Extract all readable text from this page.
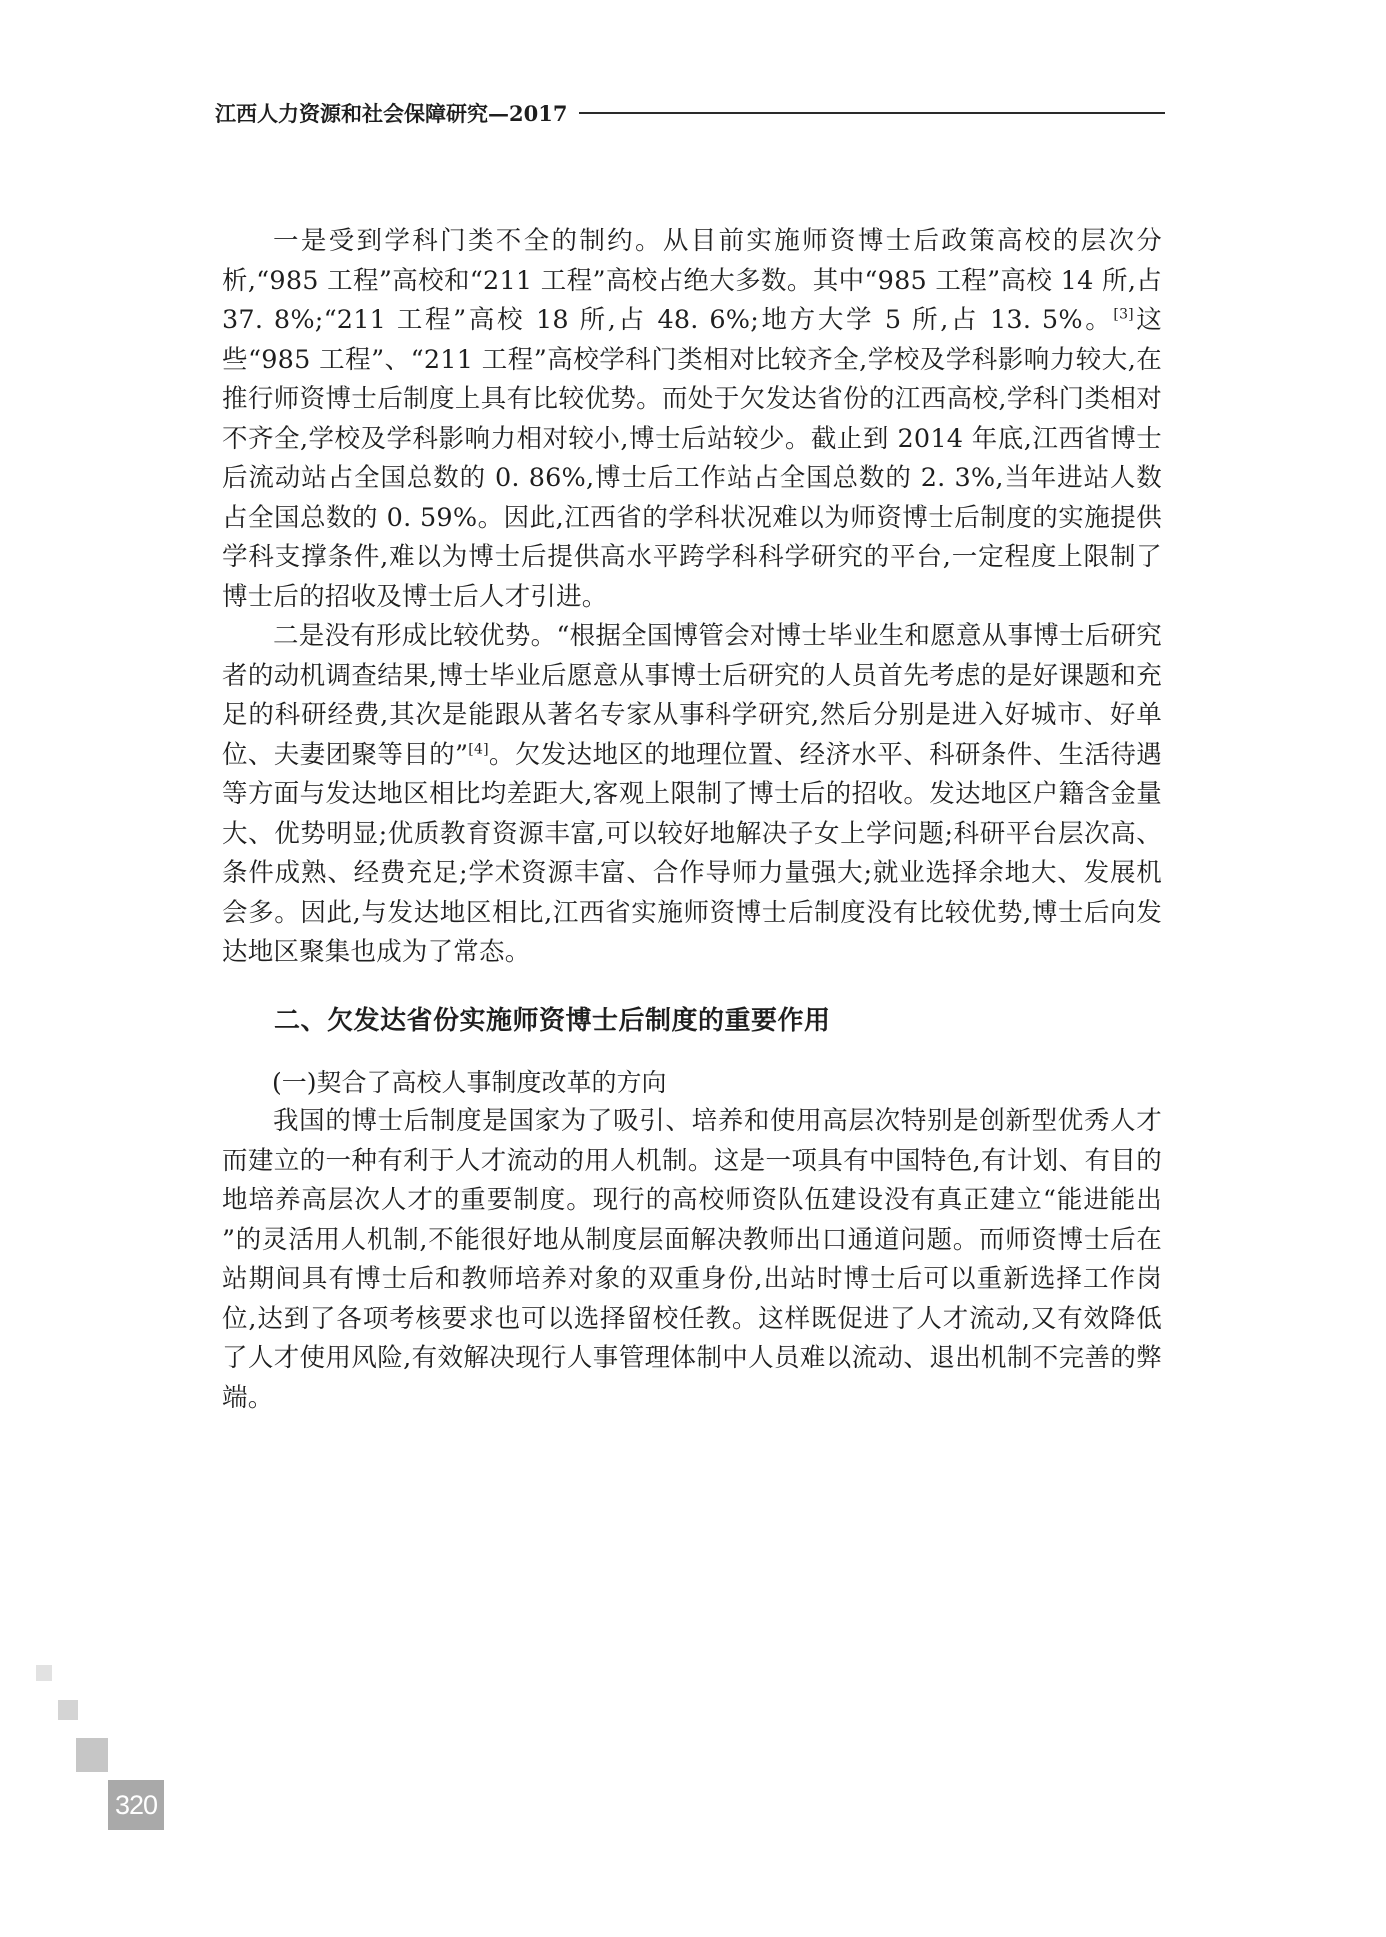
江西人力资源和社会保障研究—2017

一是受到学科门类不全的制约。从目前实施师资博士后政策高校的层次分析,“985 工程”高校和“211 工程”高校占绝大多数。其中“985 工程”高校 14 所,占 37. 8%;“211 工程”高校 18 所,占 48. 6%;地方大学 5 所,占 13. 5%。[3]这些“985 工程”、“211 工程”高校学科门类相对比较齐全,学校及学科影响力较大,在推行师资博士后制度上具有比较优势。而处于欠发达省份的江西高校,学科门类相对不齐全,学校及学科影响力相对较小,博士后站较少。截止到 2014 年底,江西省博士后流动站占全国总数的 0. 86%,博士后工作站占全国总数的 2. 3%,当年进站人数占全国总数的 0. 59%。因此,江西省的学科状况难以为师资博士后制度的实施提供学科支撑条件,难以为博士后提供高水平跨学科科学研究的平台,一定程度上限制了博士后的招收及博士后人才引进。

二是没有形成比较优势。“根据全国博管会对博士毕业生和愿意从事博士后研究者的动机调查结果,博士毕业后愿意从事博士后研究的人员首先考虑的是好课题和充足的科研经费,其次是能跟从著名专家从事科学研究,然后分别是进入好城市、好单位、夫妻团聚等目的”[4]。欠发达地区的地理位置、经济水平、科研条件、生活待遇等方面与发达地区相比均差距大,客观上限制了博士后的招收。发达地区户籍含金量大、优势明显;优质教育资源丰富,可以较好地解决子女上学问题;科研平台层次高、条件成熟、经费充足;学术资源丰富、合作导师力量强大;就业选择余地大、发展机会多。因此,与发达地区相比,江西省实施师资博士后制度没有比较优势,博士后向发达地区聚集也成为了常态。

二、欠发达省份实施师资博士后制度的重要作用

(一)契合了高校人事制度改革的方向

我国的博士后制度是国家为了吸引、培养和使用高层次特别是创新型优秀人才而建立的一种有利于人才流动的用人机制。这是一项具有中国特色,有计划、有目的地培养高层次人才的重要制度。现行的高校师资队伍建设没有真正建立“能进能出 ”的灵活用人机制,不能很好地从制度层面解决教师出口通道问题。而师资博士后在站期间具有博士后和教师培养对象的双重身份,出站时博士后可以重新选择工作岗位,达到了各项考核要求也可以选择留校任教。这样既促进了人才流动,又有效降低了人才使用风险,有效解决现行人事管理体制中人员难以流动、退出机制不完善的弊端。

320
